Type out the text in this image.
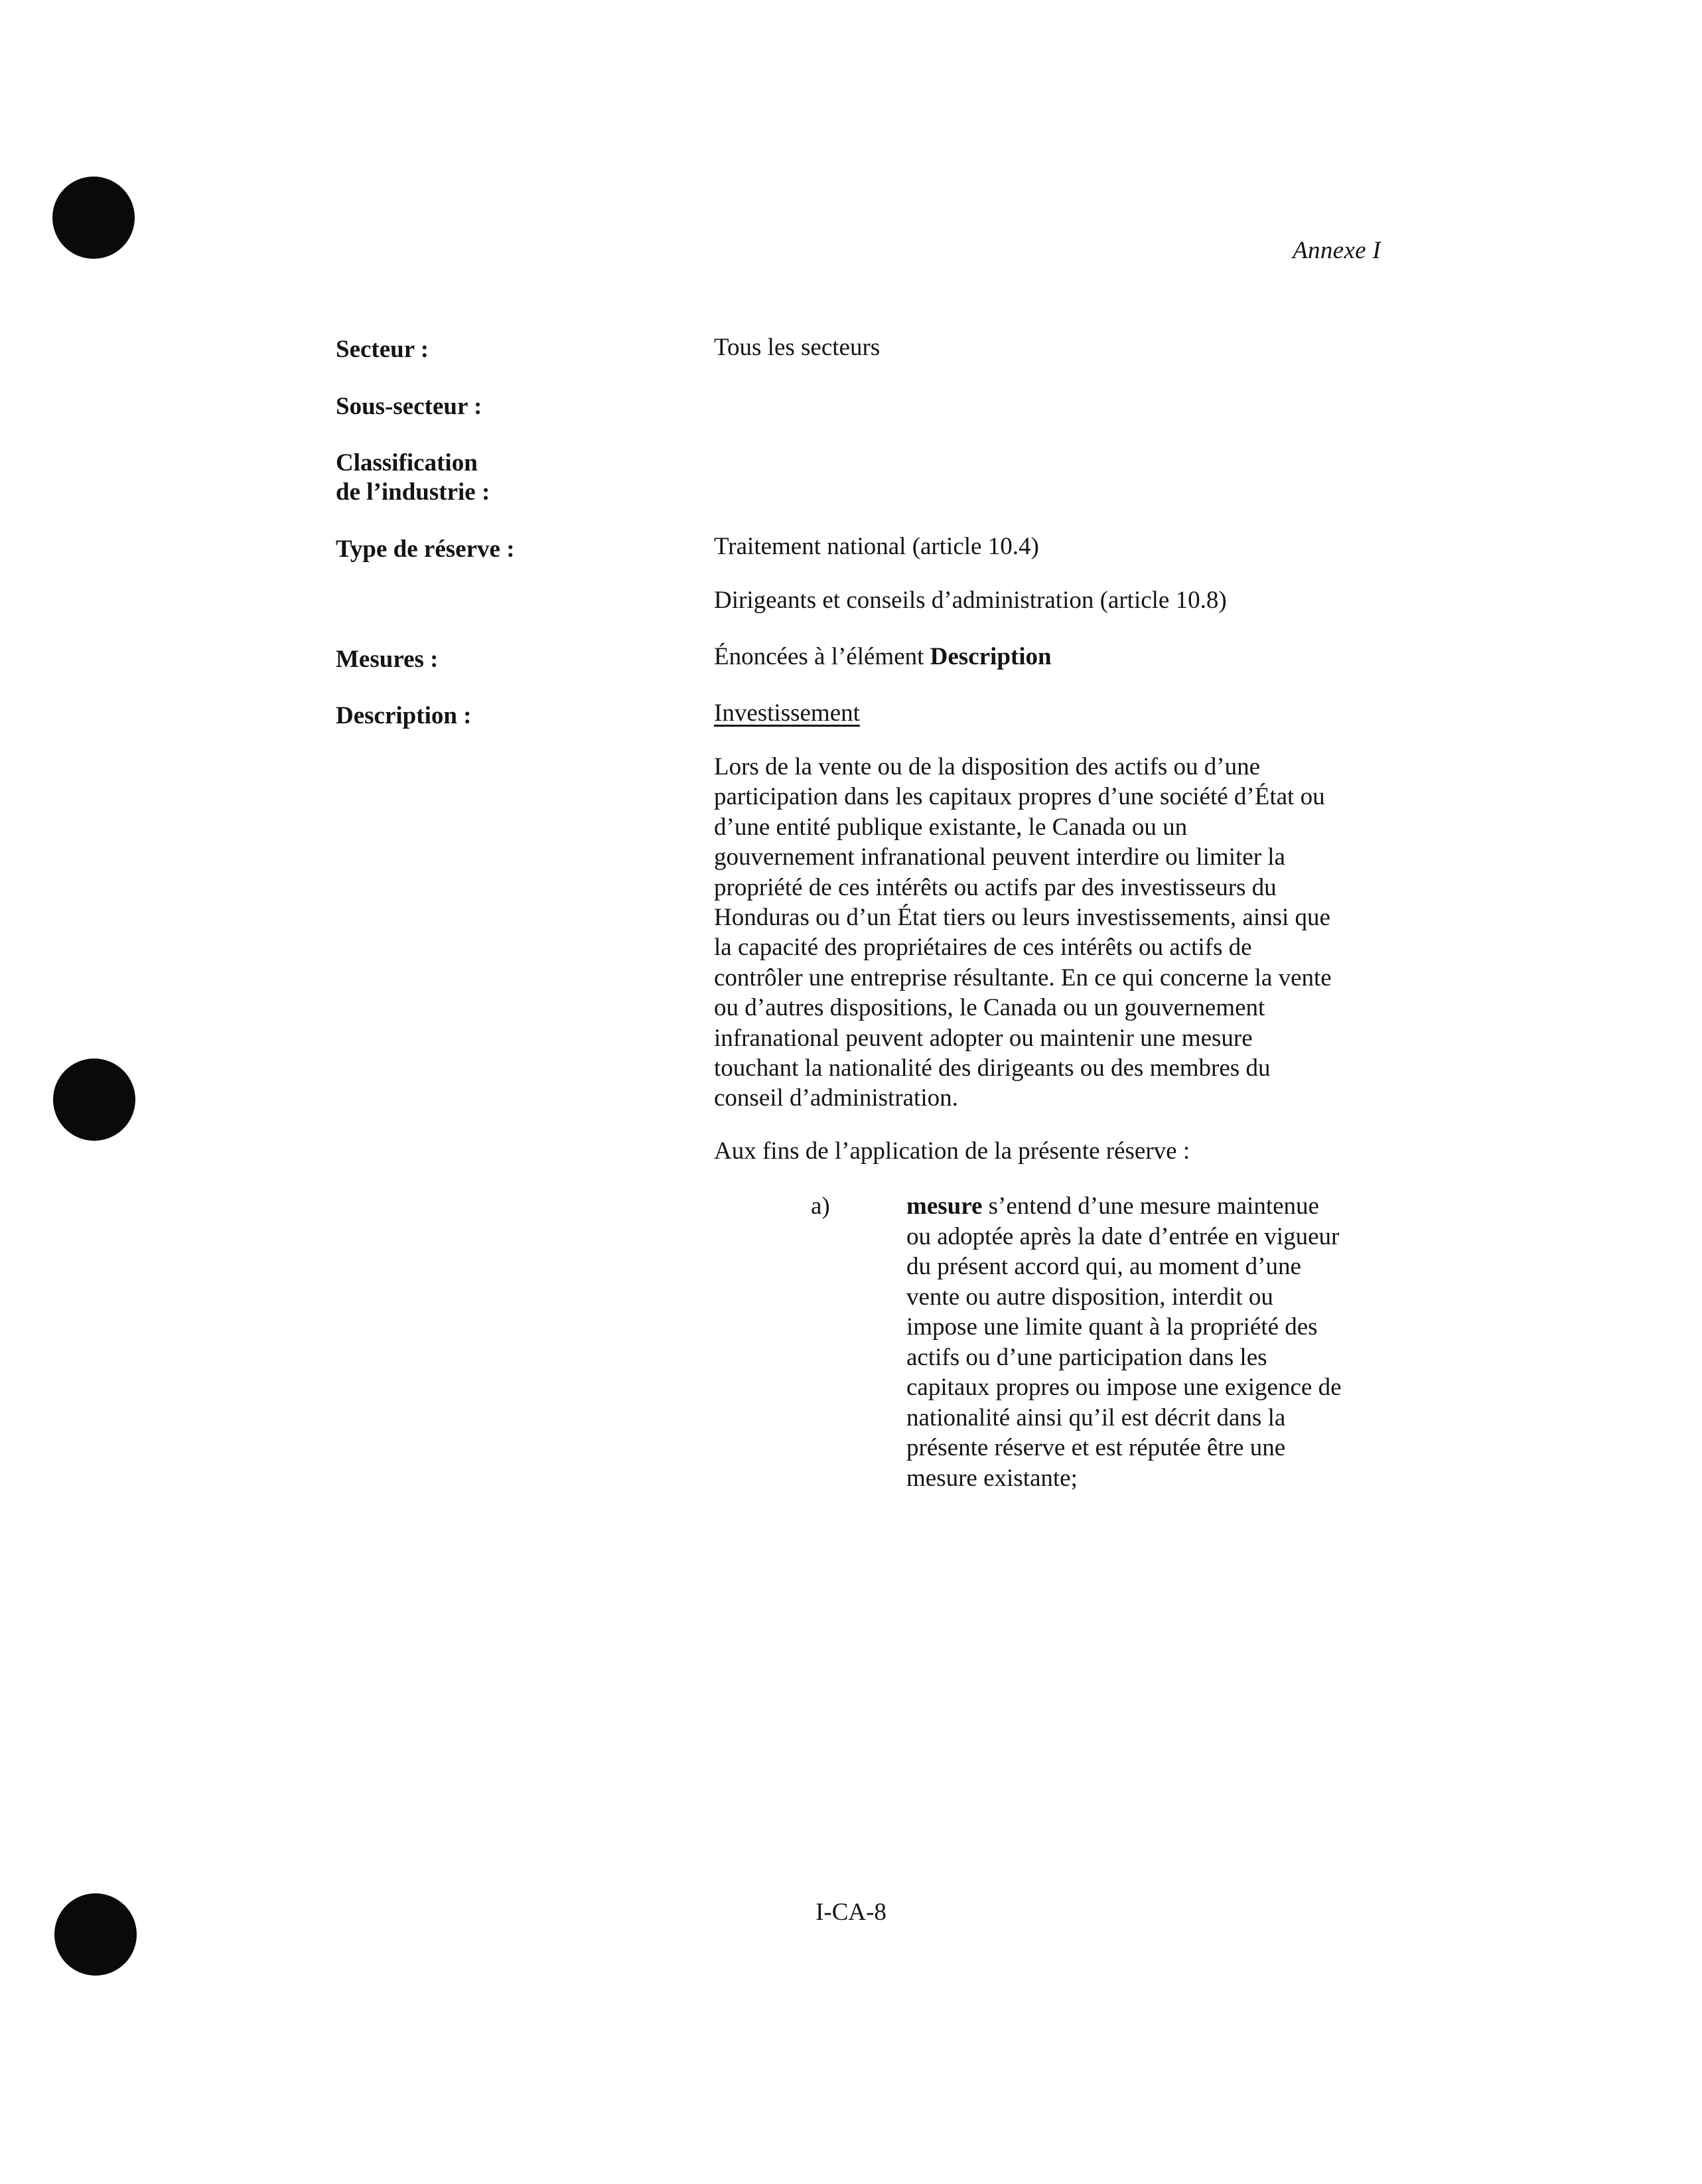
Annexe I
Secteur :	Tous les secteurs
Sous-secteur :
Classification
de l’industrie :
Type de réserve :	Traitement national (article 10.4)
Dirigeants et conseils d’administration (article 10.8)
Mesures :	Énoncées à l’élément Description
Description :	Investissement
Lors de la vente ou de la disposition des actifs ou d’une
participation dans les capitaux propres d’une société d’État ou
d’une entité publique existante, le Canada ou un
gouvernement infranational peuvent interdire ou limiter la
propriété de ces intérêts ou actifs par des investisseurs du
Honduras ou d’un État tiers ou leurs investissements, ainsi que
la capacité des propriétaires de ces intérêts ou actifs de
contrôler une entreprise résultante. En ce qui concerne la vente
ou d’autres dispositions, le Canada ou un gouvernement
infranational peuvent adopter ou maintenir une mesure
touchant la nationalité des dirigeants ou des membres du
conseil d’administration.
Aux fins de l’application de la présente réserve :
a)	mesure s’entend d’une mesure maintenue
ou adoptée après la date d’entrée en vigueur
du présent accord qui, au moment d’une
vente ou autre disposition, interdit ou
impose une limite quant à la propriété des
actifs ou d’une participation dans les
capitaux propres ou impose une exigence de
nationalité ainsi qu’il est décrit dans la
présente réserve et est réputée être une
mesure existante;
I-CA-8
